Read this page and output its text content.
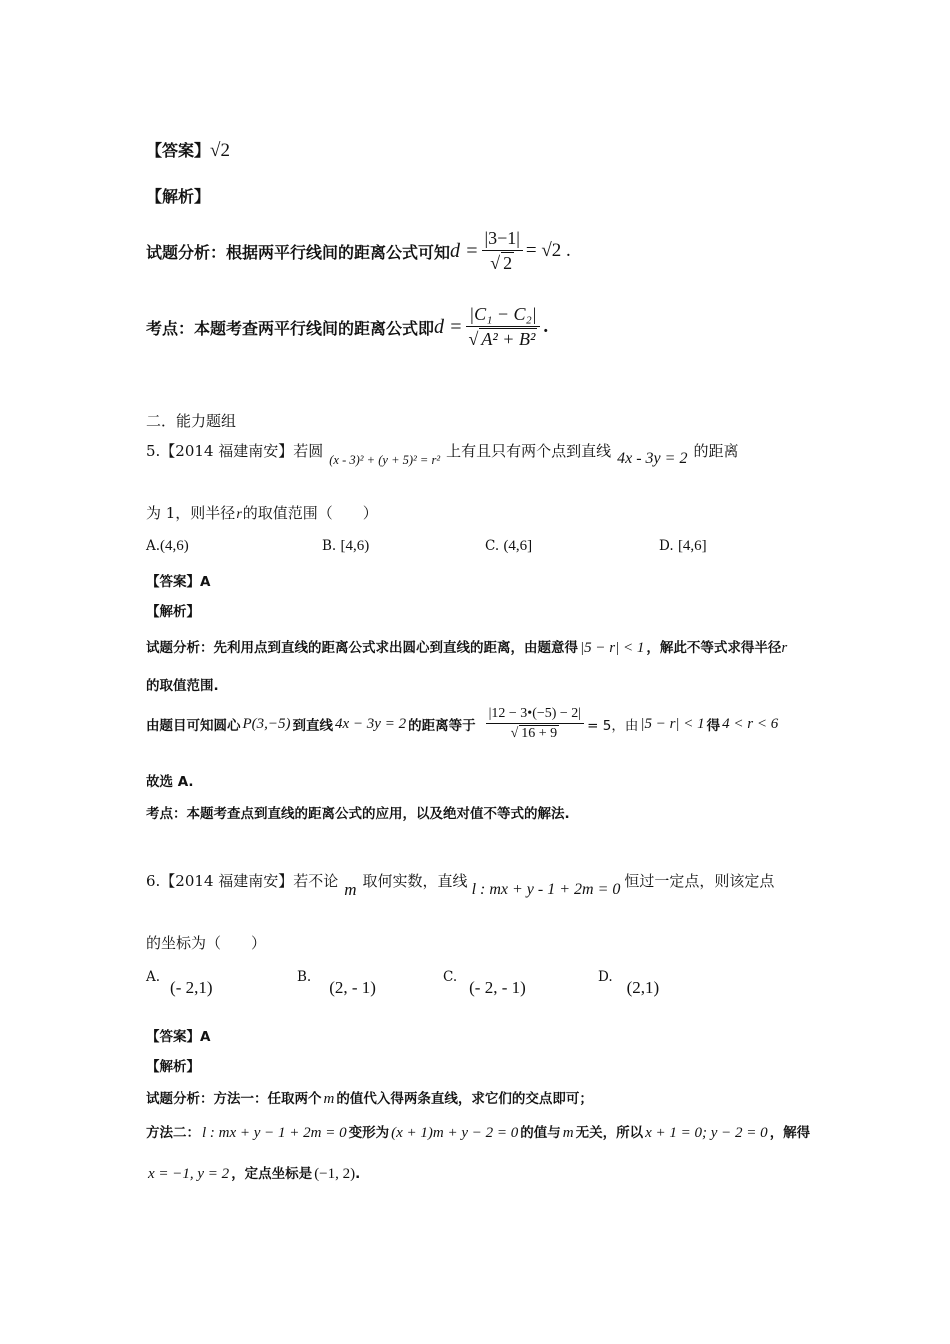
【答案】√2
【解析】
试题分析：根据两平行线间的距离公式可知$d = \frac{|3-1|}{√ 2} = √2$ .
考点：本题考查两平行线间的距离公式即$d = \frac{\text{|C₁ − C₂|}}{\text{√ A² + B²}}$ .
二．能力题组
5.【2014 福建南安】若圆 $_{(x - 3)^2 + (y + 5)^2 = r^2}$ 上有且只有两个点到直线 4x - 3y = 2 的距离
为 1，则半径r的取值范围（　　）
A.(4,6)	B. [4,6)	C. (4,6]	D. [4,6]
【答案】A
【解析】
试题分析：先利用点到直线的距离公式求出圆心到直线的距离，由题意得 |5 − r| < 1 ，解此不等式求得半径r
的取值范围.
由题目可知圆心 P(3,−5) 到直线 4x − 3y = 2 的距离等于 $\frac{|12 - 3•(-5) - 2|}{√ 16 + 9} = 5$，由 |5 − r| < 1 得 4 < r < 6
故选 A.
考点：本题考查点到直线的距离公式的应用，以及绝对值不等式的解法.
6.【2014 福建南安】若不论 m 取何实数，直线 l : mx + y - 1 + 2m = 0 恒过一定点，则该定点
的坐标为（　　）
A.(- 2,1)
B.(2, - 1)
C.(- 2, - 1)
D.(2,1)
【答案】A
【解析】
试题分析：方法一：任取两个 m 的值代入得两条直线，求它们的交点即可；
方法二： l : mx + y − 1 + 2m = 0 变形为 (x + 1)m + y − 2 = 0 的值与 m 无关，所以 x + 1 = 0; y − 2 = 0 ，解得
x = −1, y = 2 ，定点坐标是 (−1, 2).
